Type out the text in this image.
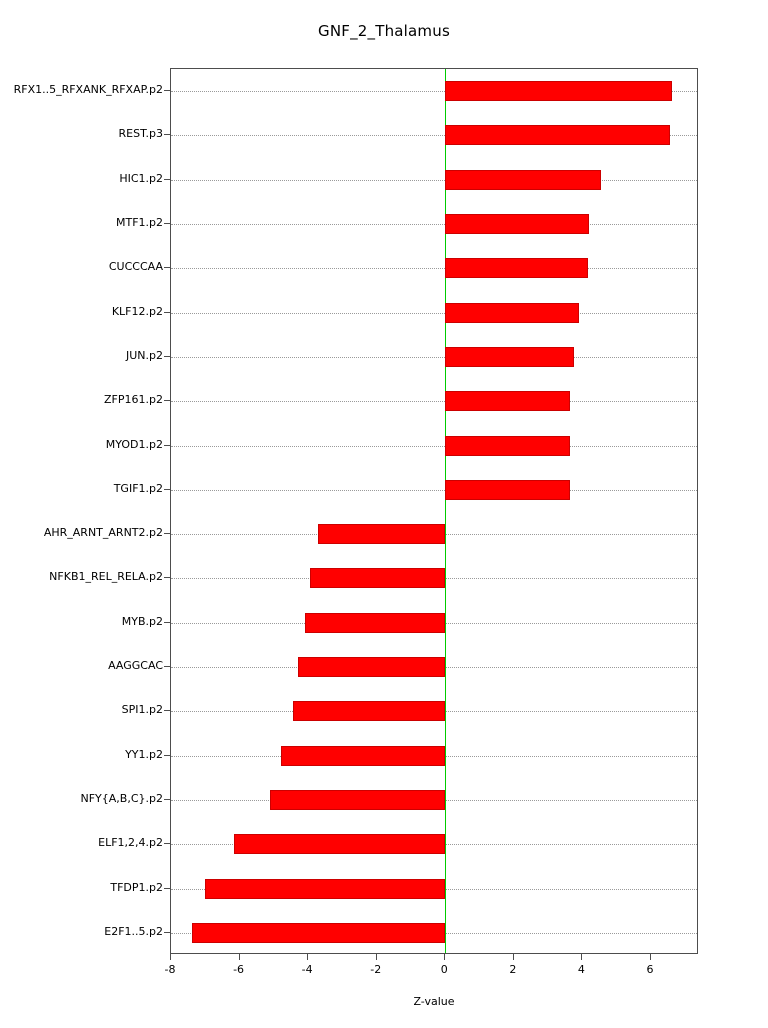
GNF_2_Thalamus
RFX1..5_RFXANK_RFXAP.p2
REST.p3
HIC1.p2
MTF1.p2
CUCCCAA
KLF12.p2
JUN.p2
ZFP161.p2
MYOD1.p2
TGIF1.p2
AHR_ARNT_ARNT2.p2
NFKB1_REL_RELA.p2
MYB.p2
AAGGCAC
SPI1.p2
YY1.p2
NFY{A,B,C}.p2
ELF1,2,4.p2
TFDP1.p2
E2F1..5.p2
-8	-6	-4	-2	0	2	4	6
Z-value
